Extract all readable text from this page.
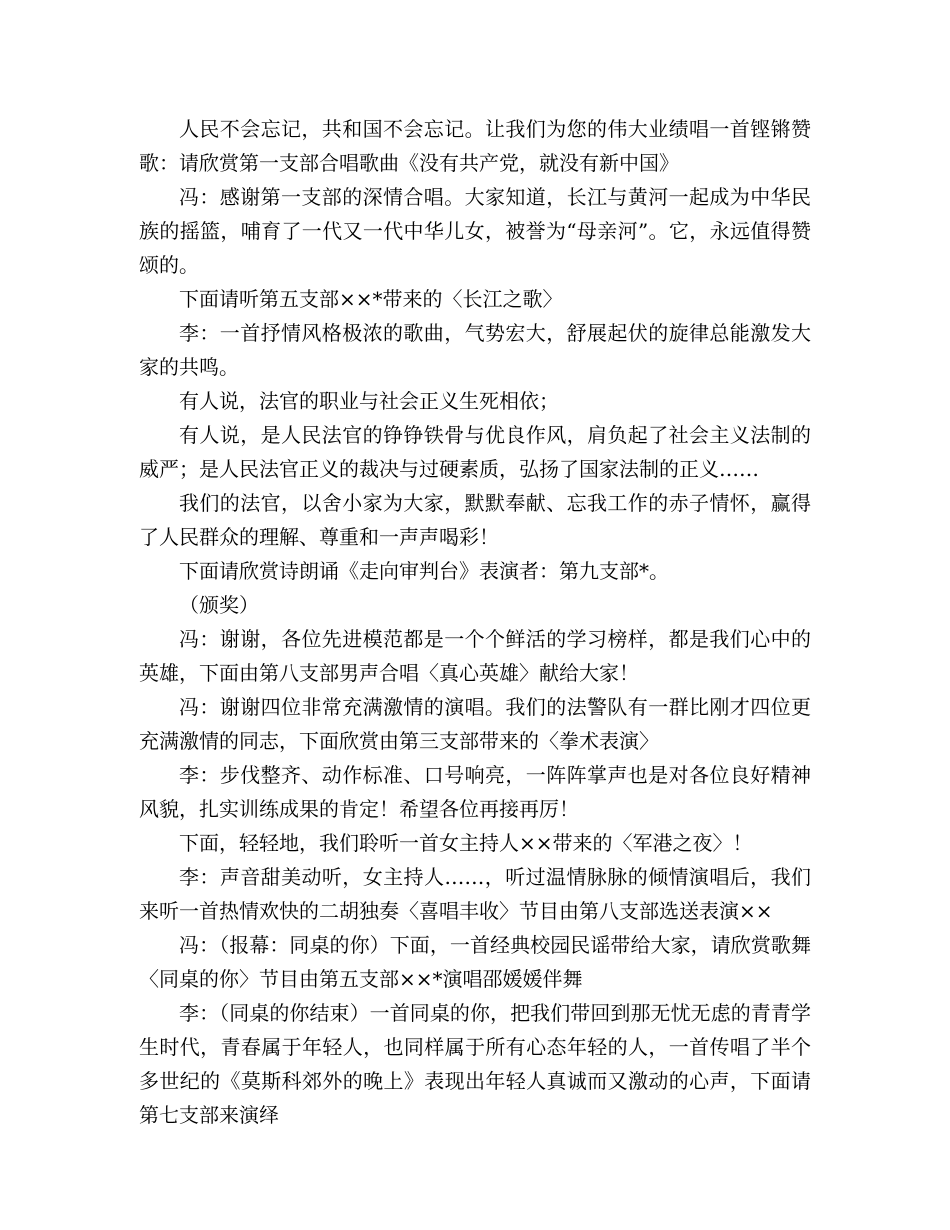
人民不会忘记，共和国不会忘记。让我们为您的伟大业绩唱一首铿锵赞歌：请欣赏第一支部合唱歌曲《没有共产党，就没有新中国》

冯：感谢第一支部的深情合唱。大家知道，长江与黄河一起成为中华民族的摇篮，哺育了一代又一代中华儿女，被誉为“母亲河”。它，永远值得赞颂的。

下面请听第五支部××*带来的〈长江之歌〉

李：一首抒情风格极浓的歌曲，气势宏大，舒展起伏的旋律总能激发大家的共鸣。

有人说，法官的职业与社会正义生死相依；

有人说，是人民法官的铮铮铁骨与优良作风，肩负起了社会主义法制的威严；是人民法官正义的裁决与过硬素质，弘扬了国家法制的正义……

我们的法官，以舍小家为大家，默默奉献、忘我工作的赤子情怀，赢得了人民群众的理解、尊重和一声声喝彩！

下面请欣赏诗朗诵《走向审判台》表演者：第九支部*。

（颁奖）

冯：谢谢，各位先进模范都是一个个鲜活的学习榜样，都是我们心中的英雄，下面由第八支部男声合唱〈真心英雄〉献给大家！

冯：谢谢四位非常充满激情的演唱。我们的法警队有一群比刚才四位更充满激情的同志，下面欣赏由第三支部带来的〈拳术表演〉

李：步伐整齐、动作标准、口号响亮，一阵阵掌声也是对各位良好精神风貌，扎实训练成果的肯定！希望各位再接再厉！

下面，轻轻地，我们聆听一首女主持人××带来的〈军港之夜〉！

李：声音甜美动听，女主持人……，听过温情脉脉的倾情演唱后，我们来听一首热情欢快的二胡独奏〈喜唱丰收〉节目由第八支部选送表演××

冯：（报幕：同桌的你）下面，一首经典校园民谣带给大家，请欣赏歌舞〈同桌的你〉节目由第五支部××*演唱邵媛媛伴舞

李：（同桌的你结束）一首同桌的你，把我们带回到那无忧无虑的青青学生时代，青春属于年轻人，也同样属于所有心态年轻的人，一首传唱了半个多世纪的《莫斯科郊外的晚上》表现出年轻人真诚而又激动的心声，下面请第七支部来演绎
